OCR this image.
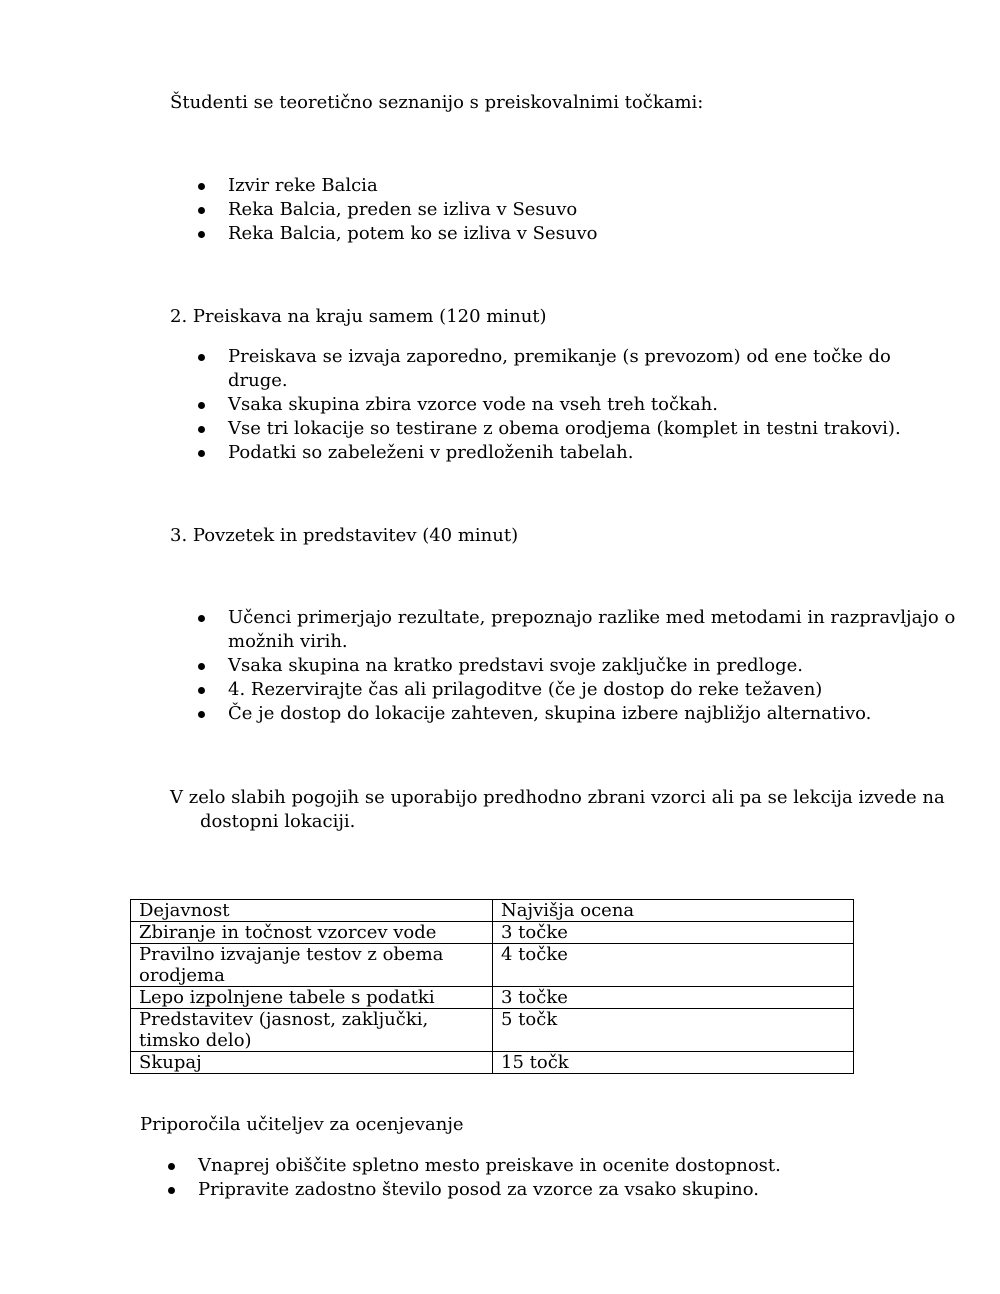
Študenti se teoretično seznanijo s preiskovalnimi točkami:

Izvir reke Balcia
Reka Balcia, preden se izliva v Sesuvo
Reka Balcia, potem ko se izliva v Sesuvo

2. Preiskava na kraju samem (120 minut)

Preiskava se izvaja zaporedno, premikanje (s prevozom) od ene točke do druge.
Vsaka skupina zbira vzorce vode na vseh treh točkah.
Vse tri lokacije so testirane z obema orodjema (komplet in testni trakovi).
Podatki so zabeleženi v predloženih tabelah.

3. Povzetek in predstavitev (40 minut)

Učenci primerjajo rezultate, prepoznajo razlike med metodami in razpravljajo o možnih virih.
Vsaka skupina na kratko predstavi svoje zaključke in predloge.
4. Rezervirajte čas ali prilagoditve (če je dostop do reke težaven)
Če je dostop do lokacije zahteven, skupina izbere najbližjo alternativo.

V zelo slabih pogojih se uporabijo predhodno zbrani vzorci ali pa se lekcija izvede na dostopni lokaciji.

Dejavnost	Najvišja ocena
Zbiranje in točnost vzorcev vode	3 točke
Pravilno izvajanje testov z obema orodjema	4 točke
Lepo izpolnjene tabele s podatki	3 točke
Predstavitev (jasnost, zaključki, timsko delo)	5 točk
Skupaj	15 točk

Priporočila učiteljev za ocenjevanje

Vnaprej obiščite spletno mesto preiskave in ocenite dostopnost.
Pripravite zadostno število posod za vzorce za vsako skupino.
